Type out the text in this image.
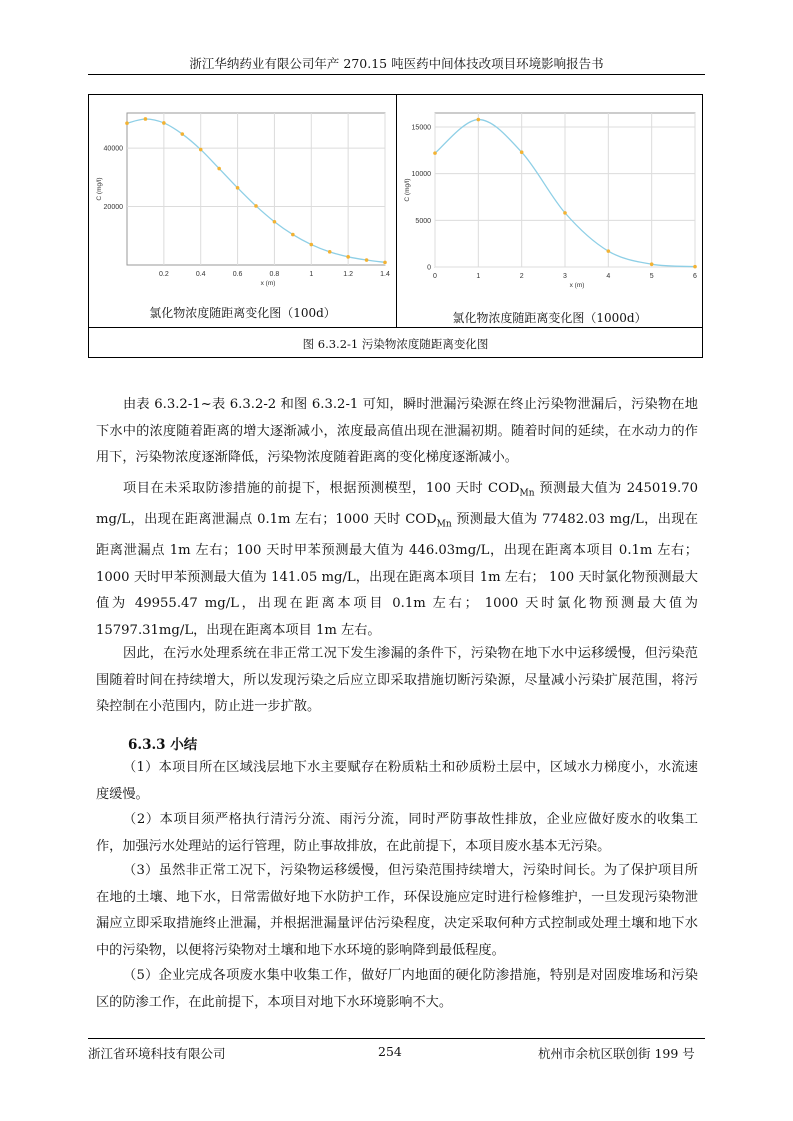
浙江华纳药业有限公司年产 270.15 吨医药中间体技改项目环境影响报告书
0.2	0.4	0.6	0.8	1	1.2	1.4
20000
40000
x (m)
C (mg/l)
氯化物浓度随距离变化图（100d）
0	1	2	3	4	5	6
0
5000
10000
15000
x (m)
C (mg/l)
氯化物浓度随距离变化图（1000d）
图 6.3.2-1 污染物浓度随距离变化图
由表 6.3.2-1~表 6.3.2-2 和图 6.3.2-1 可知，瞬时泄漏污染源在终止污染物泄漏后，污染物在地下水中的浓度随着距离的增大逐渐减小，浓度最高值出现在泄漏初期。随着时间的延续，在水动力的作用下，污染物浓度逐渐降低，污染物浓度随着距离的变化梯度逐渐减小。
项目在未采取防渗措施的前提下，根据预测模型，100 天时 $COD_{Mn}$ 预测最大值为 245019.70 mg/L，出现在距离泄漏点 0.1m 左右；1000 天时 $COD_{Mn}$ 预测最大值为 77482.03 mg/L，出现在距离泄漏点 1m 左右；100 天时甲苯预测最大值为 446.03mg/L，出现在距离本项目 0.1m 左右； 1000 天时甲苯预测最大值为 141.05 mg/L，出现在距离本项目 1m 左右； 100 天时氯化物预测最大值为 49955.47 mg/L，出现在距离本项目 0.1m 左右； 1000 天时氯化物预测最大值为 15797.31mg/L，出现在距离本项目 1m 左右。
因此，在污水处理系统在非正常工况下发生渗漏的条件下，污染物在地下水中运移缓慢，但污染范围随着时间在持续增大，所以发现污染之后应立即采取措施切断污染源，尽量减小污染扩展范围，将污染控制在小范围内，防止进一步扩散。
6.3.3 小结
（1）本项目所在区域浅层地下水主要赋存在粉质粘土和砂质粉土层中，区域水力梯度小，水流速度缓慢。
（2）本项目须严格执行清污分流、雨污分流，同时严防事故性排放，企业应做好废水的收集工作，加强污水处理站的运行管理，防止事故排放，在此前提下，本项目废水基本无污染。
（3）虽然非正常工况下，污染物运移缓慢，但污染范围持续增大，污染时间长。为了保护项目所在地的土壤、地下水，日常需做好地下水防护工作，环保设施应定时进行检修维护，一旦发现污染物泄漏应立即采取措施终止泄漏，并根据泄漏量评估污染程度，决定采取何种方式控制或处理土壤和地下水中的污染物，以便将污染物对土壤和地下水环境的影响降到最低程度。
（5）企业完成各项废水集中收集工作，做好厂内地面的硬化防渗措施，特别是对固废堆场和污染区的防渗工作，在此前提下，本项目对地下水环境影响不大。
浙江省环境科技有限公司	254	杭州市余杭区联创街 199 号
